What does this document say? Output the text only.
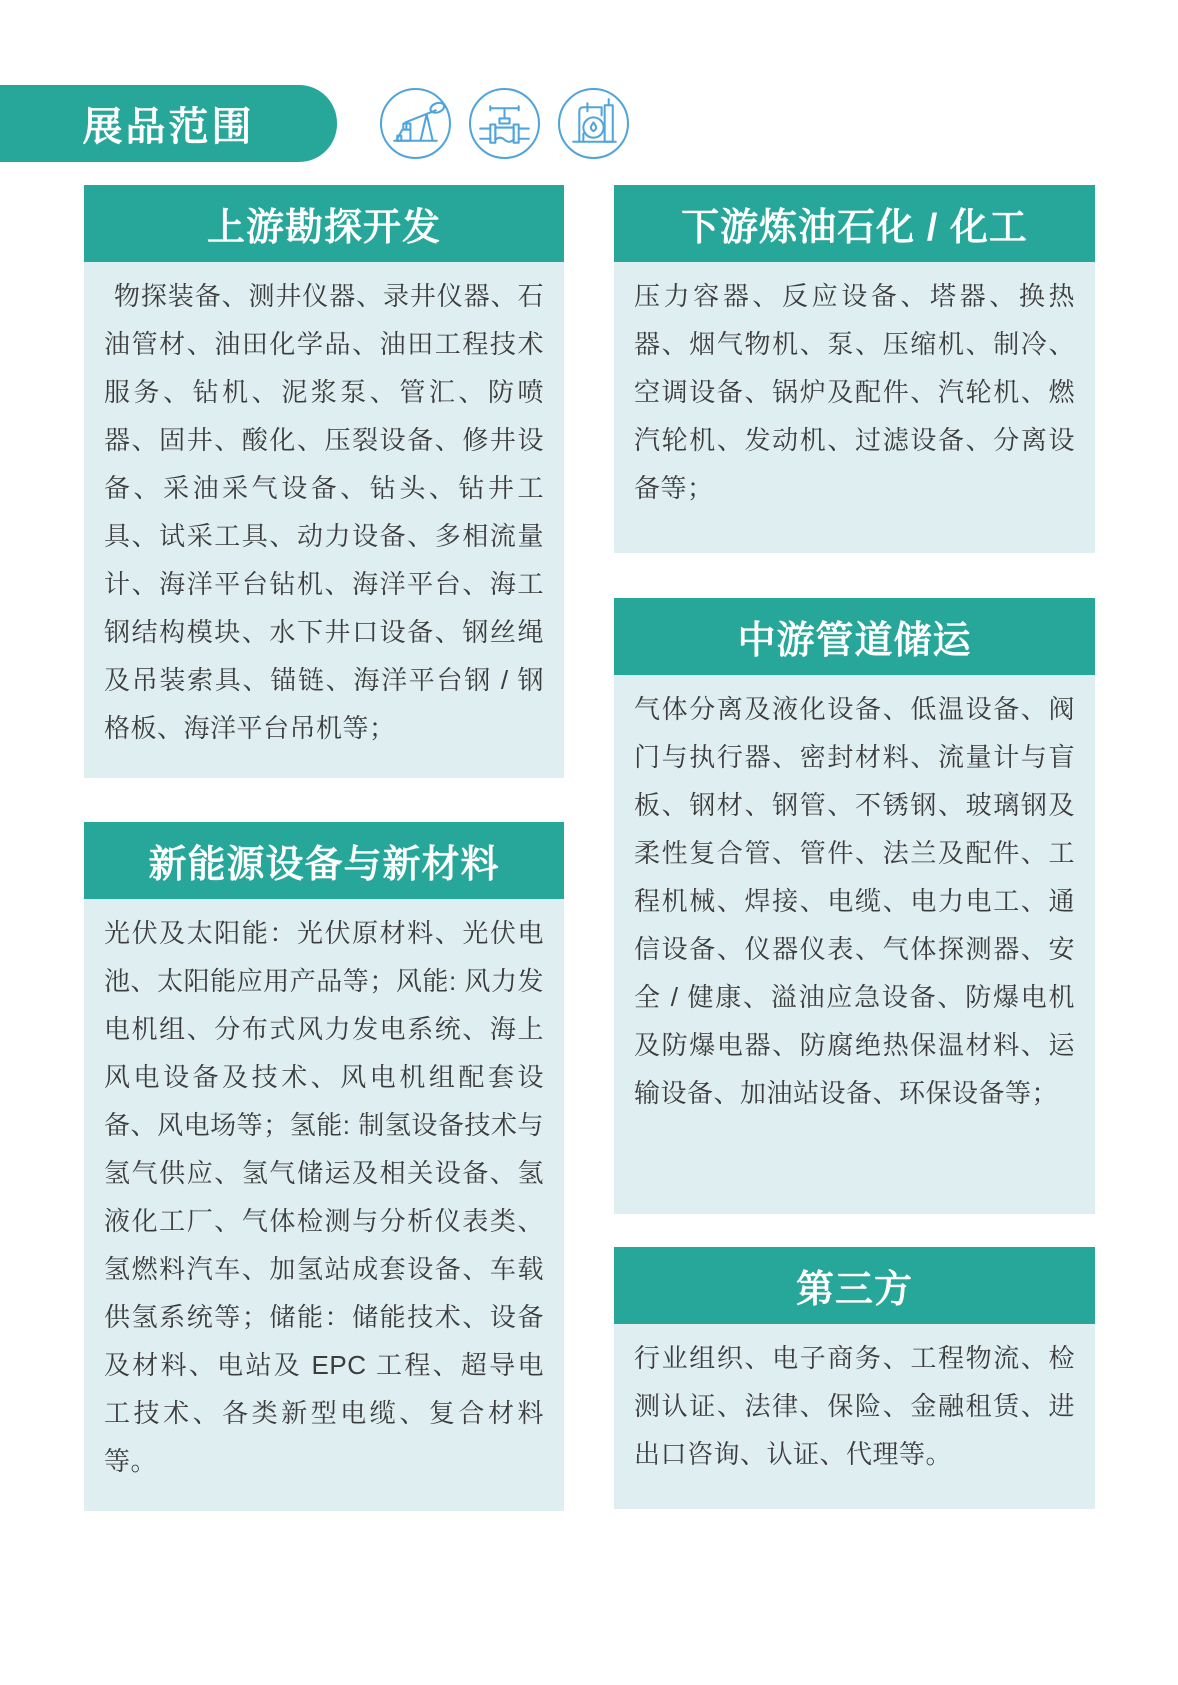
展品范围
上游勘探开发

物探装备、测井仪器、录井仪器、石油管材、油田化学品、油田工程技术服务、钻机、泥浆泵、管汇、防喷器、固井、酸化、压裂设备、修井设备、采油采气设备、钻头、钻井工具、试采工具、动力设备、多相流量计、海洋平台钻机、海洋平台、海工钢结构模块、水下井口设备、钢丝绳及吊装索具、锚链、海洋平台钢 / 钢格板、海洋平台吊机等；

新能源设备与新材料

光伏及太阳能：光伏原材料、光伏电池、太阳能应用产品等；风能: 风力发电机组、分布式风力发电系统、海上风电设备及技术、风电机组配套设备、风电场等；氢能: 制氢设备技术与氢气供应、氢气储运及相关设备、氢液化工厂、气体检测与分析仪表类、氢燃料汽车、加氢站成套设备、车载供氢系统等；储能：储能技术、设备及材料、电站及 EPC 工程、超导电工技术、各类新型电缆、复合材料等。

下游炼油石化 / 化工

压力容器、反应设备、塔器、换热器、烟气物机、泵、压缩机、制冷、空调设备、锅炉及配件、汽轮机、燃汽轮机、发动机、过滤设备、分离设备等；

中游管道储运

气体分离及液化设备、低温设备、阀门与执行器、密封材料、流量计与盲板、钢材、钢管、不锈钢、玻璃钢及柔性复合管、管件、法兰及配件、工程机械、焊接、电缆、电力电工、通信设备、仪器仪表、气体探测器、安全 / 健康、溢油应急设备、防爆电机及防爆电器、防腐绝热保温材料、运输设备、加油站设备、环保设备等；

第三方

行业组织、电子商务、工程物流、检测认证、法律、保险、金融租赁、进出口咨询、认证、代理等。
